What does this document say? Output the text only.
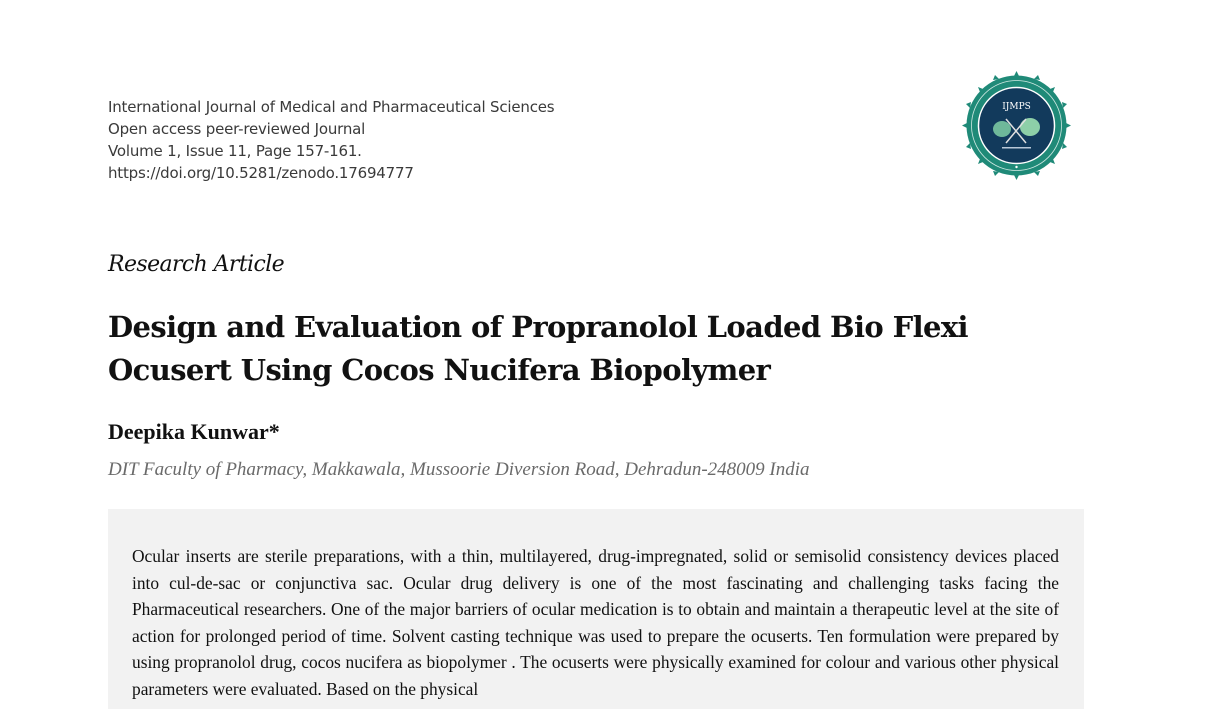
International Journal of Medical and Pharmaceutical Sciences
Open access peer-reviewed Journal
Volume 1, Issue 11, Page 157-161.
https://doi.org/10.5281/zenodo.17694777
IJMPS
Research Article
Design and Evaluation of Propranolol Loaded Bio Flexi Ocusert Using Cocos Nucifera Biopolymer
Deepika Kunwar*
DIT Faculty of Pharmacy, Makkawala, Mussoorie Diversion Road, Dehradun-248009 India

Ocular inserts are sterile preparations, with a thin, multilayered, drug-impregnated, solid or semisolid consistency devices placed into cul-de-sac or conjunctiva sac. Ocular drug delivery is one of the most fascinating and challenging tasks facing the Pharmaceutical researchers. One of the major barriers of ocular medication is to obtain and maintain a therapeutic level at the site of action for prolonged period of time. Solvent casting technique was used to prepare the ocuserts. Ten formulation were prepared by using propranolol drug, cocos nucifera as biopolymer . The ocuserts were physically examined for colour and various other physical parameters were evaluated. Based on the physical
